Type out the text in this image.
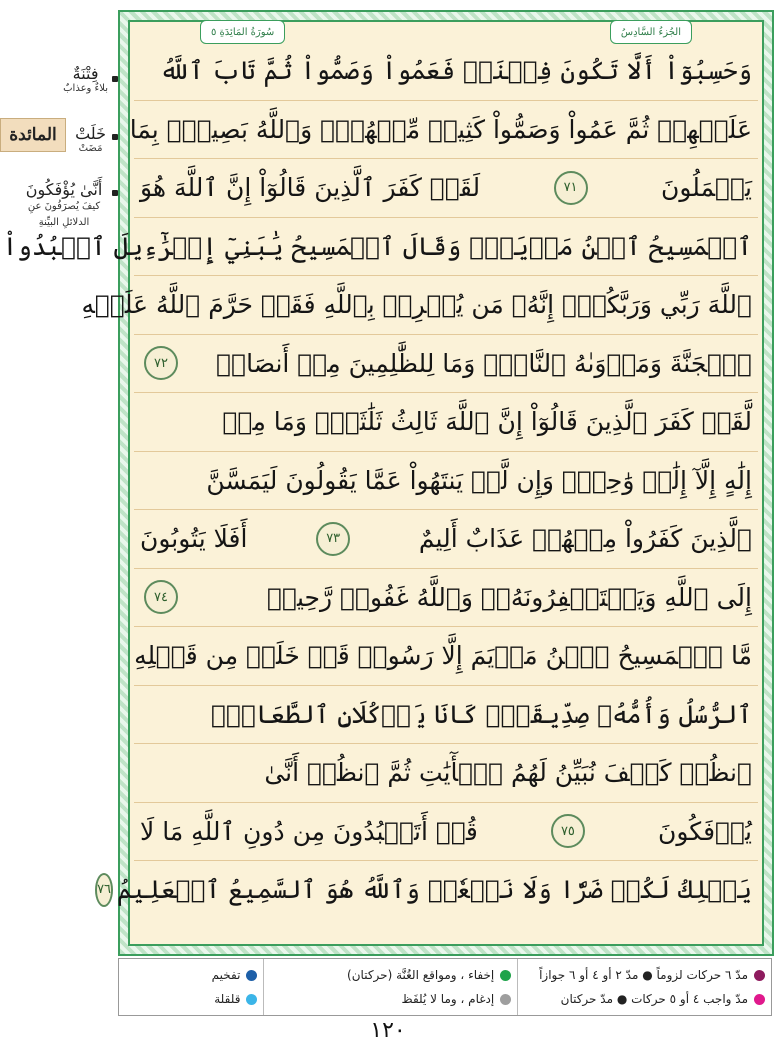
فِتْنَةٌ
بلاءٌ وعذابٌ
خَلَتْ
مَضَتْ
أَنَّىٰ يُؤْفَكُونَ
كيفَ يُصرَفُونَ عنِ الدلائلِ البيِّنةِ
المائدة
سُورَةُ المَائِدَةِ ٥	الجُزءُ السَّادِسُ
وَحَسِبُوٓاْ أَلَّا تَكُونَ فِتۡنَةٞ فَعَمُواْ وَصَمُّواْ ثُمَّ تَابَ ٱللَّهُ
عَلَيۡهِمۡ ثُمَّ عَمُواْ وَصَمُّواْ كَثِيرٞ مِّنۡهُمۡۚ وَٱللَّهُ بَصِيرُۢ بِمَا
يَعۡمَلُونَ
٧١
لَقَدۡ كَفَرَ ٱلَّذِينَ قَالُوٓاْ إِنَّ ٱللَّهَ هُوَ
ٱلۡمَسِيحُ ٱبۡنُ مَرۡيَمَۖ وَقَالَ ٱلۡمَسِيحُ يَٰبَنِيٓ إِسۡرَٰٓءِيلَ ٱعۡبُدُواْ
ٱللَّهَ رَبِّي وَرَبَّكُمۡۖ إِنَّهُۥ مَن يُشۡرِكۡ بِٱللَّهِ فَقَدۡ حَرَّمَ ٱللَّهُ عَلَيۡهِ
ٱلۡجَنَّةَ وَمَأۡوَىٰهُ ٱلنَّارُۖ وَمَا لِلظَّٰلِمِينَ مِنۡ أَنصَارٖ
٧٢
لَّقَدۡ كَفَرَ ٱلَّذِينَ قَالُوٓاْ إِنَّ ٱللَّهَ ثَالِثُ ثَلَٰثَةٖۘ وَمَا مِنۡ
إِلَٰهٍ إِلَّآ إِلَٰهٞ وَٰحِدٞۚ وَإِن لَّمۡ يَنتَهُواْ عَمَّا يَقُولُونَ لَيَمَسَّنَّ
ٱلَّذِينَ كَفَرُواْ مِنۡهُمۡ عَذَابٌ أَلِيمٌ
٧٣
أَفَلَا يَتُوبُونَ
إِلَى ٱللَّهِ وَيَسۡتَغۡفِرُونَهُۥۚ وَٱللَّهُ غَفُورٞ رَّحِيمٞ
٧٤
مَّا ٱلۡمَسِيحُ ٱبۡنُ مَرۡيَمَ إِلَّا رَسُولٞ قَدۡ خَلَتۡ مِن قَبۡلِهِ
ٱلرُّسُلُ وَأُمُّهُۥ صِدِّيقَةٞۖ كَانَا يَأۡكُلَانِ ٱلطَّعَامَۗ
ٱنظُرۡ كَيۡفَ نُبَيِّنُ لَهُمُ ٱلۡأٓيَٰتِ ثُمَّ ٱنظُرۡ أَنَّىٰ
يُؤۡفَكُونَ
٧٥
قُلۡ أَتَعۡبُدُونَ مِن دُونِ ٱللَّهِ مَا لَا
يَمۡلِكُ لَكُمۡ ضَرّٗا وَلَا نَفۡعٗاۚ وَٱللَّهُ هُوَ ٱلسَّمِيعُ ٱلۡعَلِيمُ
٧٦
مدّ ٦ حركات لزوماً ● مدّ ٢ أو ٤ أو ٦ جوازاً
مدّ واجب ٤ أو ٥ حركات ● مدّ حركتان
إخفاء ، ومواقع الغُنَّة (حركتان)
إدغام ، وما لا يُلفَظ
تفخيم
قلقلة
١٢٠
